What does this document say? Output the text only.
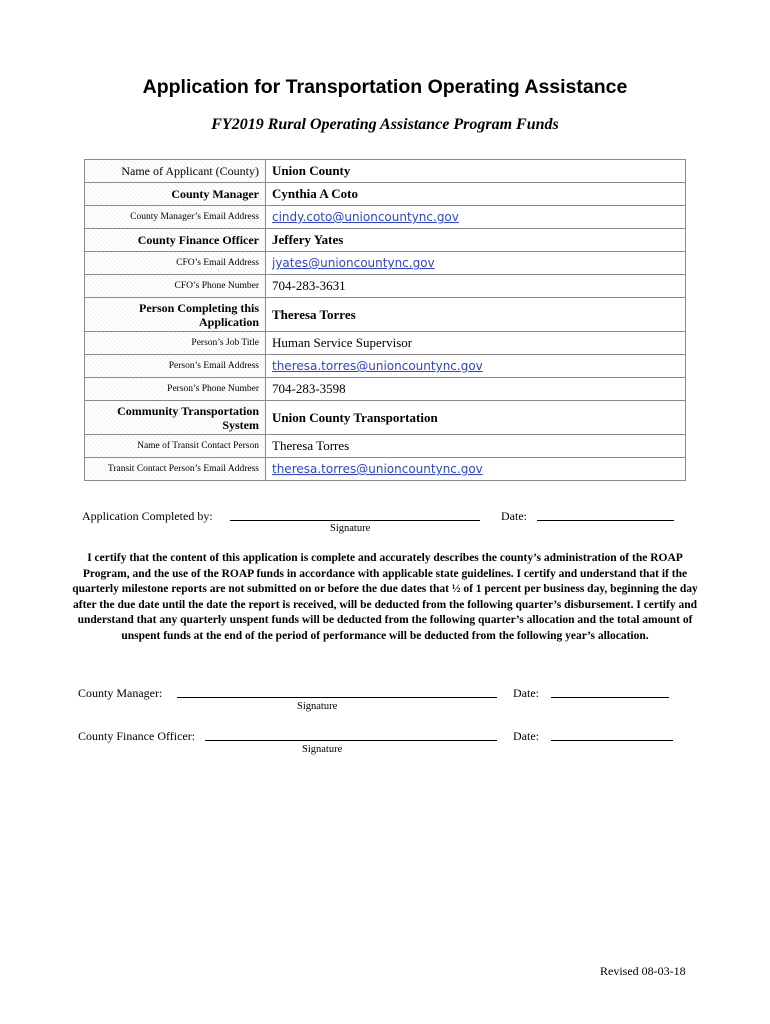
Application for Transportation Operating Assistance
FY2019 Rural Operating Assistance Program Funds
Name of Applicant (County)	Union County
County Manager	Cynthia A Coto
County Manager’s Email Address	cindy.coto@unioncountync.gov
County Finance Officer	Jeffery Yates
CFO’s Email Address	jyates@unioncountync.gov
CFO’s Phone Number	704-283-3631
Person Completing this Application	Theresa Torres
Person’s Job Title	Human Service Supervisor
Person’s Email Address	theresa.torres@unioncountync.gov
Person’s Phone Number	704-283-3598
Community Transportation System	Union County Transportation
Name of Transit Contact Person	Theresa Torres
Transit Contact Person’s Email Address	theresa.torres@unioncountync.gov
Application Completed by:
Signature
Date:
I certify that the content of this application is complete and accurately describes the county’s administration of the ROAP Program, and the use of the ROAP funds in accordance with applicable state guidelines. I certify and understand that if the quarterly milestone reports are not submitted on or before the due dates that ½ of 1 percent per business day, beginning the day after the due date until the date the report is received, will be deducted from the following quarter’s disbursement. I certify and understand that any quarterly unspent funds will be deducted from the following quarter’s allocation and the total amount of unspent funds at the end of the period of performance will be deducted from the following year’s allocation.
County Manager:
Signature
Date:
County Finance Officer:
Signature
Date:
Revised 08-03-18
